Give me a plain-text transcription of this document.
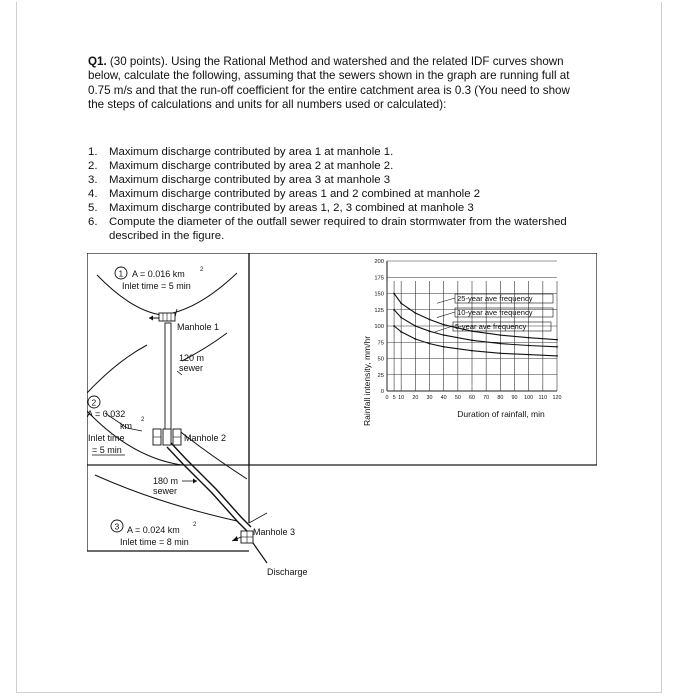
Q1. (30 points). Using the Rational Method and watershed and the related IDF curves shown below, calculate the following, assuming that the sewers shown in the graph are running full at 0.75 m/s and that the run-off coefficient for the entire catchment area is 0.3 (You need to show the steps of calculations and units for all numbers used or calculated):
1.	Maximum discharge contributed by area 1 at manhole 1.
2.	Maximum discharge contributed by area 2 at manhole 2.
3.	Maximum discharge contributed by area 3 at manhole 3
4.	Maximum discharge contributed by areas 1 and 2 combined at manhole 2
5.	Maximum discharge contributed by areas 1, 2, 3 combined at manhole 3
6.	Compute the diameter of the outfall sewer required to drain stormwater from the watershed described in the figure.
1 A = 0.016 km	2
Inlet time = 5 min
Manhole 1
120 m
sewer
2
A = 0.032
2
km
Inlet time
= 5 min
Manhole 2
180 m
sewer
3 A = 0.024 km 2
Inlet time = 8 min
Manhole 3
Discharge
Rainfall intensity, mm/hr	Duration of rainfall, min
0
25
50
75
100
125
150
175
200
0 5 10 20 30 40 50 60 70 80 90 100 110 120
25-year ave frequency
10-year ave frequency
5-year ave frequency
